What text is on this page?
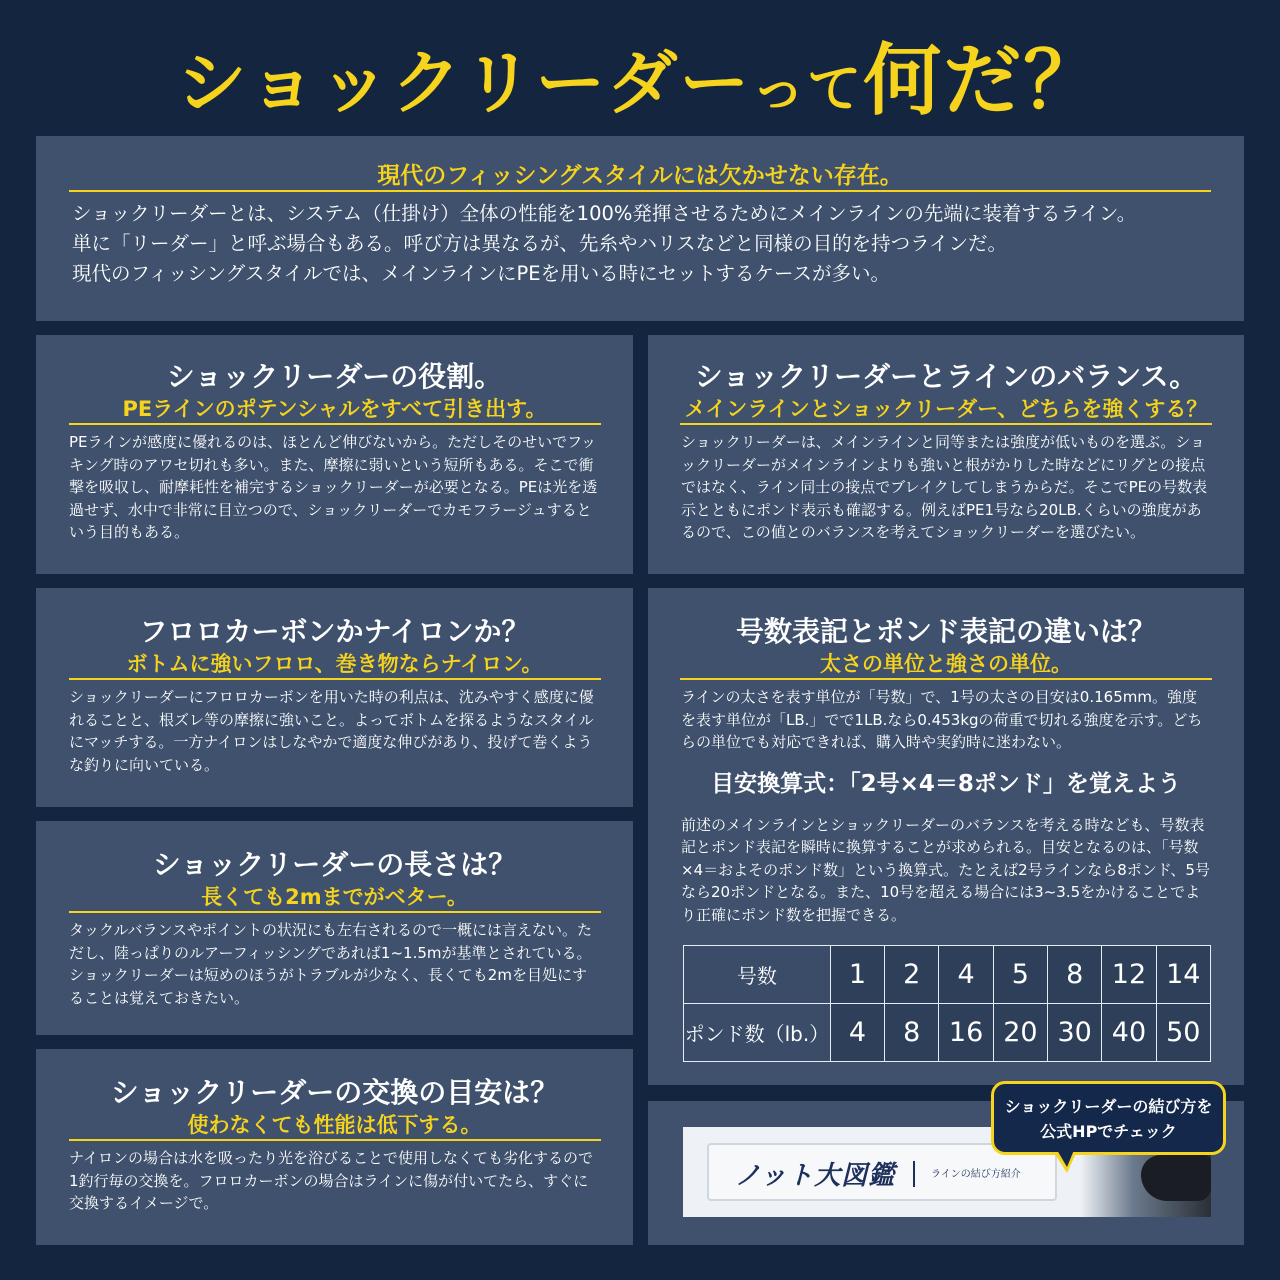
ショックリーダーって何だ？
現代のフィッシングスタイルには欠かせない存在。
ショックリーダーとは、システム（仕掛け）全体の性能を100%発揮させるためにメインラインの先端に装着するライン。
単に「リーダー」と呼ぶ場合もある。呼び方は異なるが、先糸やハリスなどと同様の目的を持つラインだ。
現代のフィッシングスタイルでは、メインラインにPEを用いる時にセットするケースが多い。
ショックリーダーの役割。
PEラインのポテンシャルをすべて引き出す。
PEラインが感度に優れるのは、ほとんど伸びないから。ただしそのせいでフッキング時のアワセ切れも多い。また、摩擦に弱いという短所もある。そこで衝撃を吸収し、耐摩耗性を補完するショックリーダーが必要となる。PEは光を透過せず、水中で非常に目立つので、ショックリーダーでカモフラージュするという目的もある。
ショックリーダーとラインのバランス。
メインラインとショックリーダー、どちらを強くする？
ショックリーダーは、メインラインと同等または強度が低いものを選ぶ。ショックリーダーがメインラインよりも強いと根がかりした時などにリグとの接点ではなく、ライン同士の接点でブレイクしてしまうからだ。そこでPEの号数表示とともにポンド表示も確認する。例えばPE1号なら20LB.くらいの強度があるので、この値とのバランスを考えてショックリーダーを選びたい。
フロロカーボンかナイロンか？
ボトムに強いフロロ、巻き物ならナイロン。
ショックリーダーにフロロカーボンを用いた時の利点は、沈みやすく感度に優れることと、根ズレ等の摩擦に強いこと。よってボトムを探るようなスタイルにマッチする。一方ナイロンはしなやかで適度な伸びがあり、投げて巻くような釣りに向いている。
ショックリーダーの長さは？
長くても2mまでがベター。
タックルバランスやポイントの状況にも左右されるので一概には言えない。ただし、陸っぱりのルアーフィッシングであれば1~1.5mが基準とされている。ショックリーダーは短めのほうがトラブルが少なく、長くても2mを目処にすることは覚えておきたい。
ショックリーダーの交換の目安は？
使わなくても性能は低下する。
ナイロンの場合は水を吸ったり光を浴びることで使用しなくても劣化するので1釣行毎の交換を。フロロカーボンの場合はラインに傷が付いてたら、すぐに交換するイメージで。
号数表記とポンド表記の違いは？
太さの単位と強さの単位。
ラインの太さを表す単位が「号数」で、1号の太さの目安は0.165mm。強度を表す単位が「LB.」でで1LB.なら0.453kgの荷重で切れる強度を示す。どちらの単位でも対応できれば、購入時や実釣時に迷わない。
目安換算式：「2号×4＝8ポンド」を覚えよう
前述のメインラインとショックリーダーのバランスを考える時なども、号数表記とポンド表記を瞬時に換算することが求められる。目安となるのは、「号数×4＝およそのポンド数」という換算式。たとえば2号ラインなら8ポンド、5号なら20ポンドとなる。また、10号を超える場合には3~3.5をかけることでより正確にポンド数を把握できる。
号数	1	2	4	5	8	12	14
ポンド数（lb.）	4	8	16	20	30	40	50
ノット大図鑑	ラインの結び方紹介
ショックリーダーの結び方を
公式HPでチェック
